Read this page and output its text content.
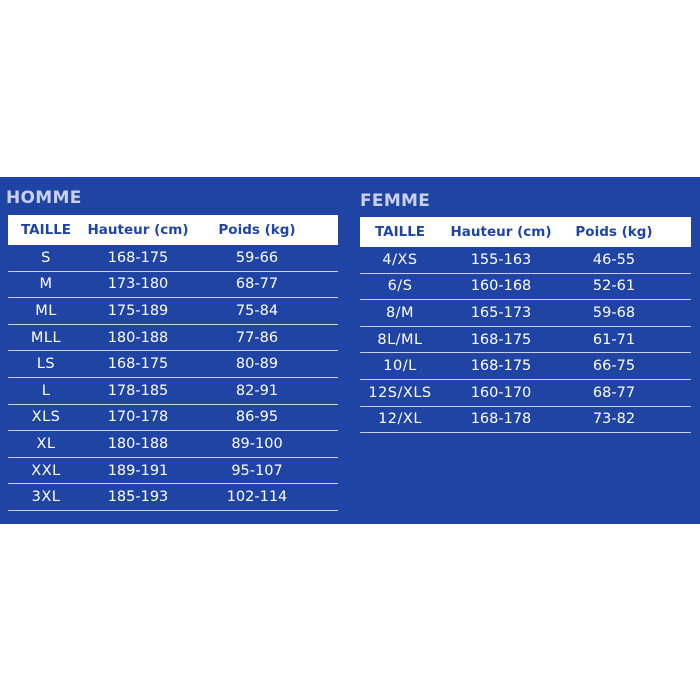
HOMME
TAILLE	Hauteur (cm)	Poids (kg)
S	168-175	59-66
M	173-180	68-77
ML	175-189	75-84
MLL	180-188	77-86
LS	168-175	80-89
L	178-185	82-91
XLS	170-178	86-95
XL	180-188	89-100
XXL	189-191	95-107
3XL	185-193	102-114
FEMME
TAILLE	Hauteur (cm)	Poids (kg)
4/XS	155-163	46-55
6/S	160-168	52-61
8/M	165-173	59-68
8L/ML	168-175	61-71
10/L	168-175	66-75
12S/XLS	160-170	68-77
12/XL	168-178	73-82
